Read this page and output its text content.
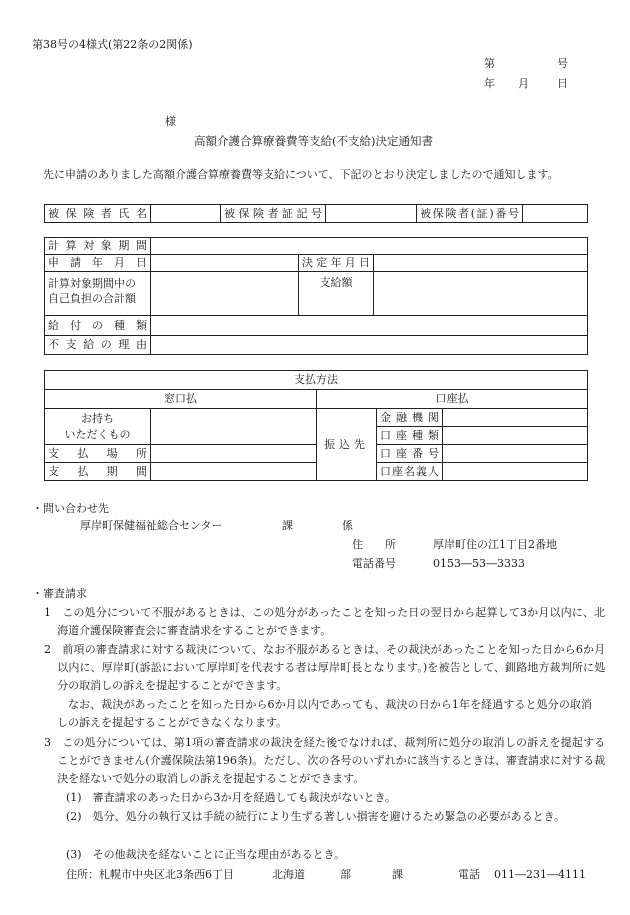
第38号の4様式(第22条の2関係)
第	号
年 月	日
様
高額介護合算療養費等支給(不支給)決定通知書
先に申請のありました高額介護合算療養費等支給について、下記のとおり決定しましたので通知します。
被保険者氏名		被保険者証記号		被保険者(証)番号	
計算対象期間			
申請年月日		決定年月日	

計算対象期間中の
自己負担の合計額		支給額	
給付の種類			
不支給の理由			
支払方法				
窓口払		口座払		

お持ち
いただくもの		振込先	金融機関	
			口座種類	
支払場所			口座番号	
支払期間			口座名義人	
・問い合わせ先
厚岸町保健福祉総合センター	課	係
住　　所	厚岸町住の江1丁目2番地
電話番号	0153―53―3333
・審査請求
1　この処分について不服があるときは、この処分があったことを知った日の翌日から起算して3か月以内に、北海道介護保険審査会に審査請求をすることができます。
2　前項の審査請求に対する裁決について、なお不服があるときは、その裁決があったことを知った日から6か月以内に、厚岸町(訴訟において厚岸町を代表する者は厚岸町長となります。)を被告として、釧路地方裁判所に処分の取消しの訴えを提起することができます。
なお、裁決があったことを知った日から6か月以内であっても、裁決の日から1年を経過すると処分の取消しの訴えを提起することができなくなります。
3　この処分については、第1項の審査請求の裁決を経た後でなければ、裁判所に処分の取消しの訴えを提起することができません(介護保険法第196条)。ただし、次の各号のいずれかに該当するときは、審査請求に対する裁決を経ないで処分の取消しの訴えを提起することができます。
(1)　審査請求のあった日から3か月を経過しても裁決がないとき。
(2)　処分、処分の執行又は手続の続行により生ずる著しい損害を避けるため緊急の必要があるとき。
(3)　その他裁決を経ないことに正当な理由があるとき。
住所：札幌市中央区北3条西6丁目	北海道	部	課	電話 011―231―4111
